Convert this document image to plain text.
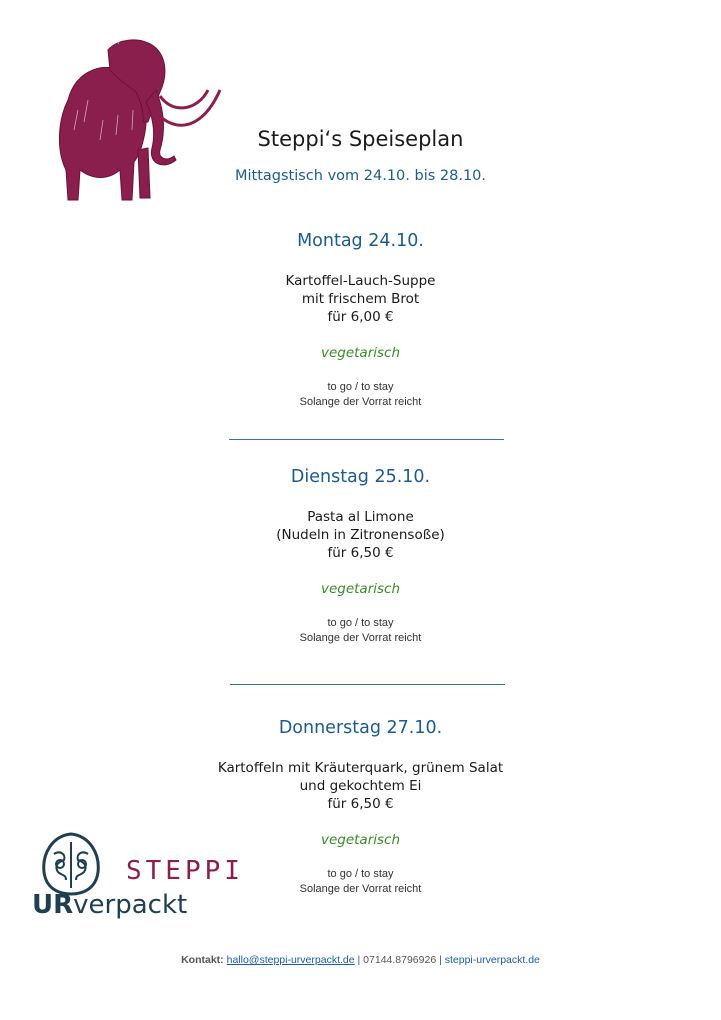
Steppi‘s Speiseplan
Mittagstisch vom 24.10. bis 28.10.
Montag 24.10.
Kartoffel-Lauch-Suppe
mit frischem Brot
für 6,00 €
vegetarisch
to go / to stay
Solange der Vorrat reicht
Dienstag 25.10.
Pasta al Limone
(Nudeln in Zitronensoße)
für 6,50 €
vegetarisch
to go / to stay
Solange der Vorrat reicht
Donnerstag 27.10.
Kartoffeln mit Kräuterquark, grünem Salat
und gekochtem Ei
für 6,50 €
vegetarisch
to go / to stay
Solange der Vorrat reicht
STEPPI
URverpackt
Kontakt: hallo@steppi-urverpackt.de | 07144.8796926 | steppi-urverpackt.de
